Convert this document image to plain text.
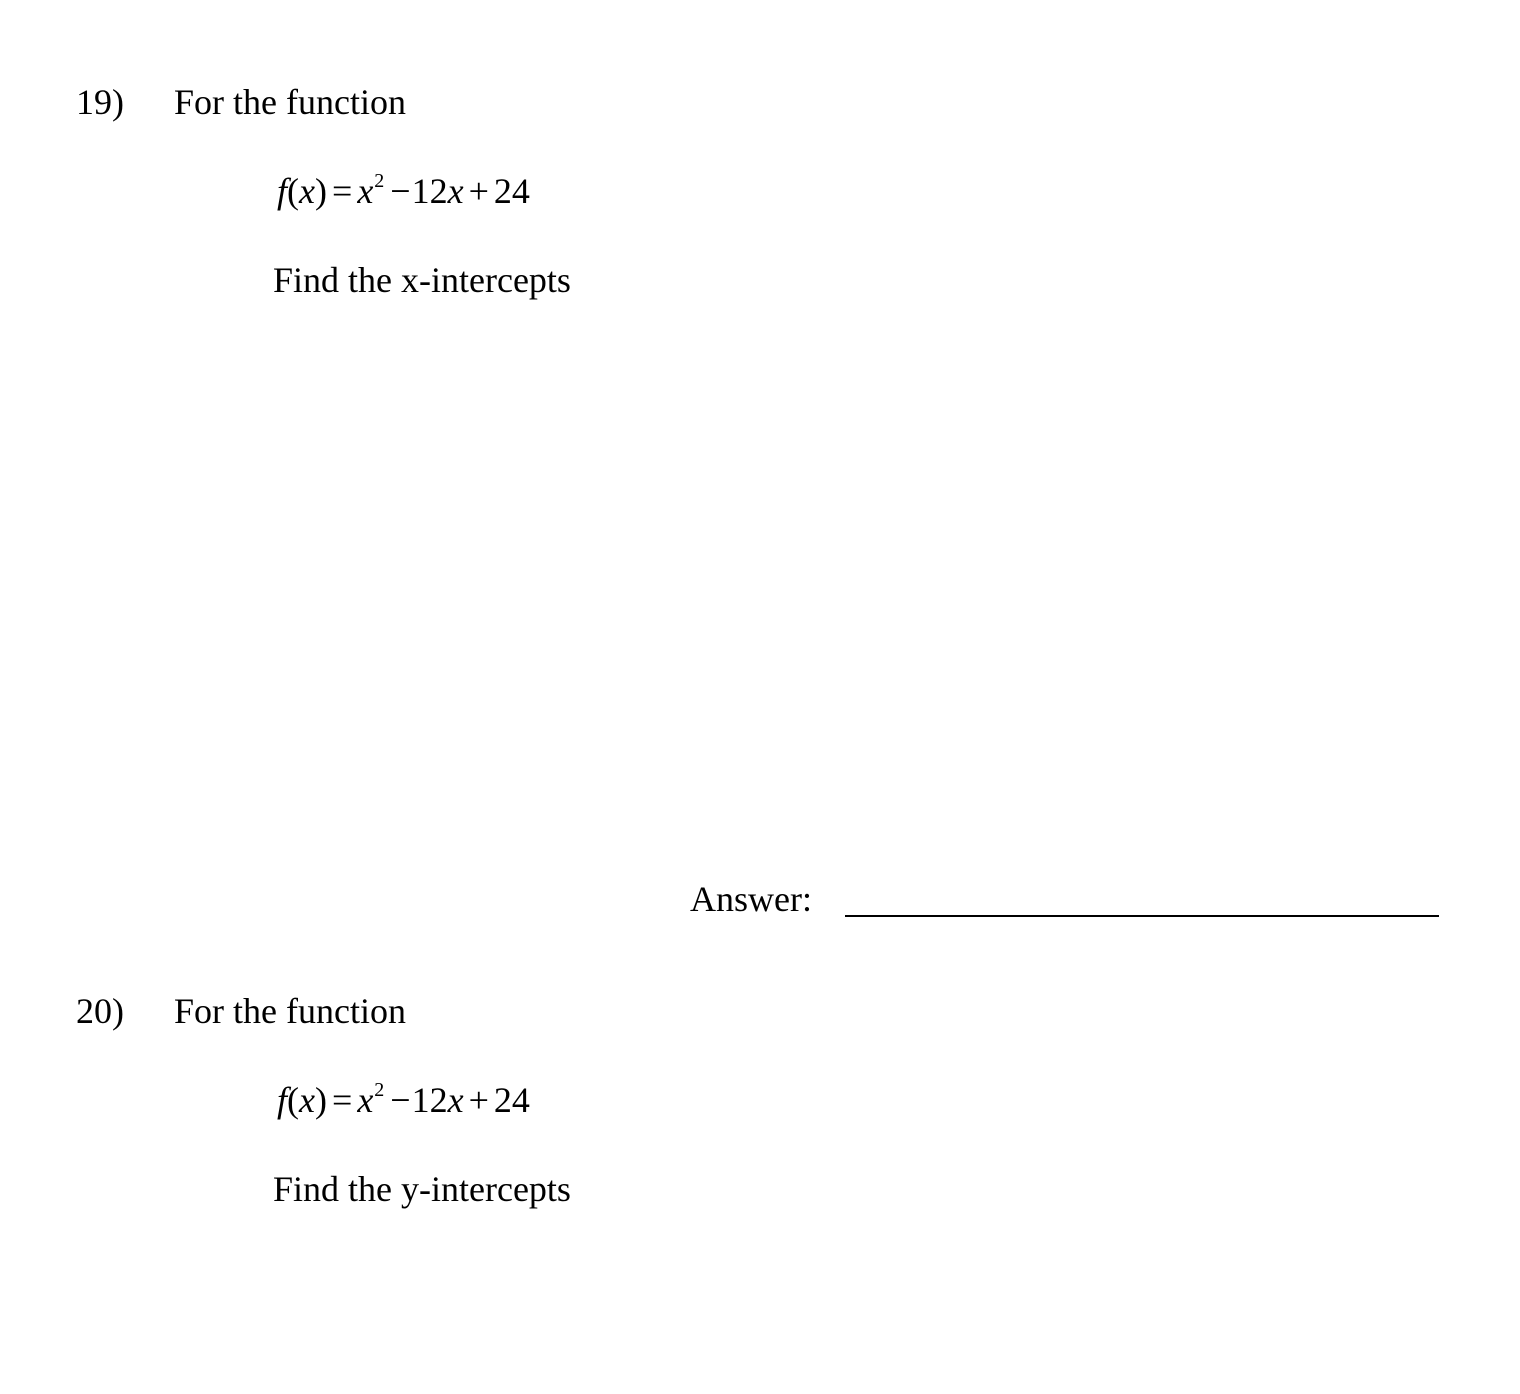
19) For the function
$f(x) = x^2 -12x + 24$
Find the x-intercepts
Answer:
20) For the function
$f(x) = x^2 -12x + 24$
Find the y-intercepts
